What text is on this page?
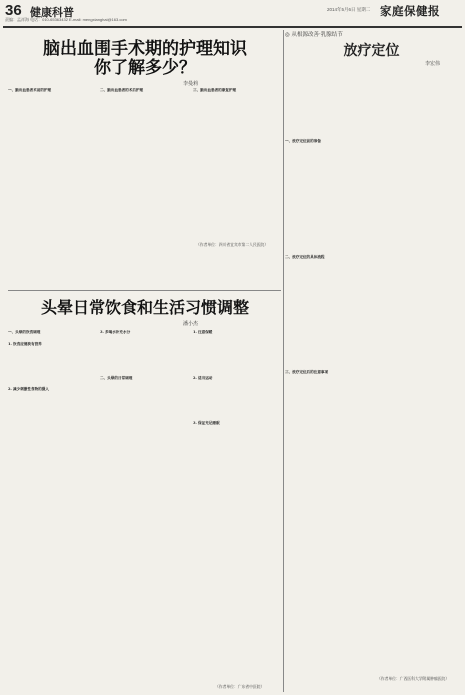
36 健康科普
责编：孟祥海 电话：010-65363432 E-mail: mengxianghai@163.com
2014年5月6日 星期二 家庭保健报
脑出血围手术期的护理知识
你了解多少？
李曼莉
一、脑出血患者术前的护理	二、脑出血患者的术后护理	三、脑出血患者的康复护理
（作者单位：四川省宜宾市第二人民医院）
头晕日常饮食和生活习惯调整
潘小杰
一、头晕的饮食调理
1. 饮食应清淡有营养
2. 减少刺激性食物的摄入
3. 多喝水补充水分
二、头晕的日常调理
1. 注意保暖
2. 适当运动
3. 保证充足睡眠
（作者单位：广东省中医院）
◎ 从根源改善·乳腺结节
放疗定位
李宏伟
一、放疗定位前的准备
二、放疗定位的具体流程
三、放疗定位后的注意事项
（作者单位：广西医科大学附属肿瘤医院）
